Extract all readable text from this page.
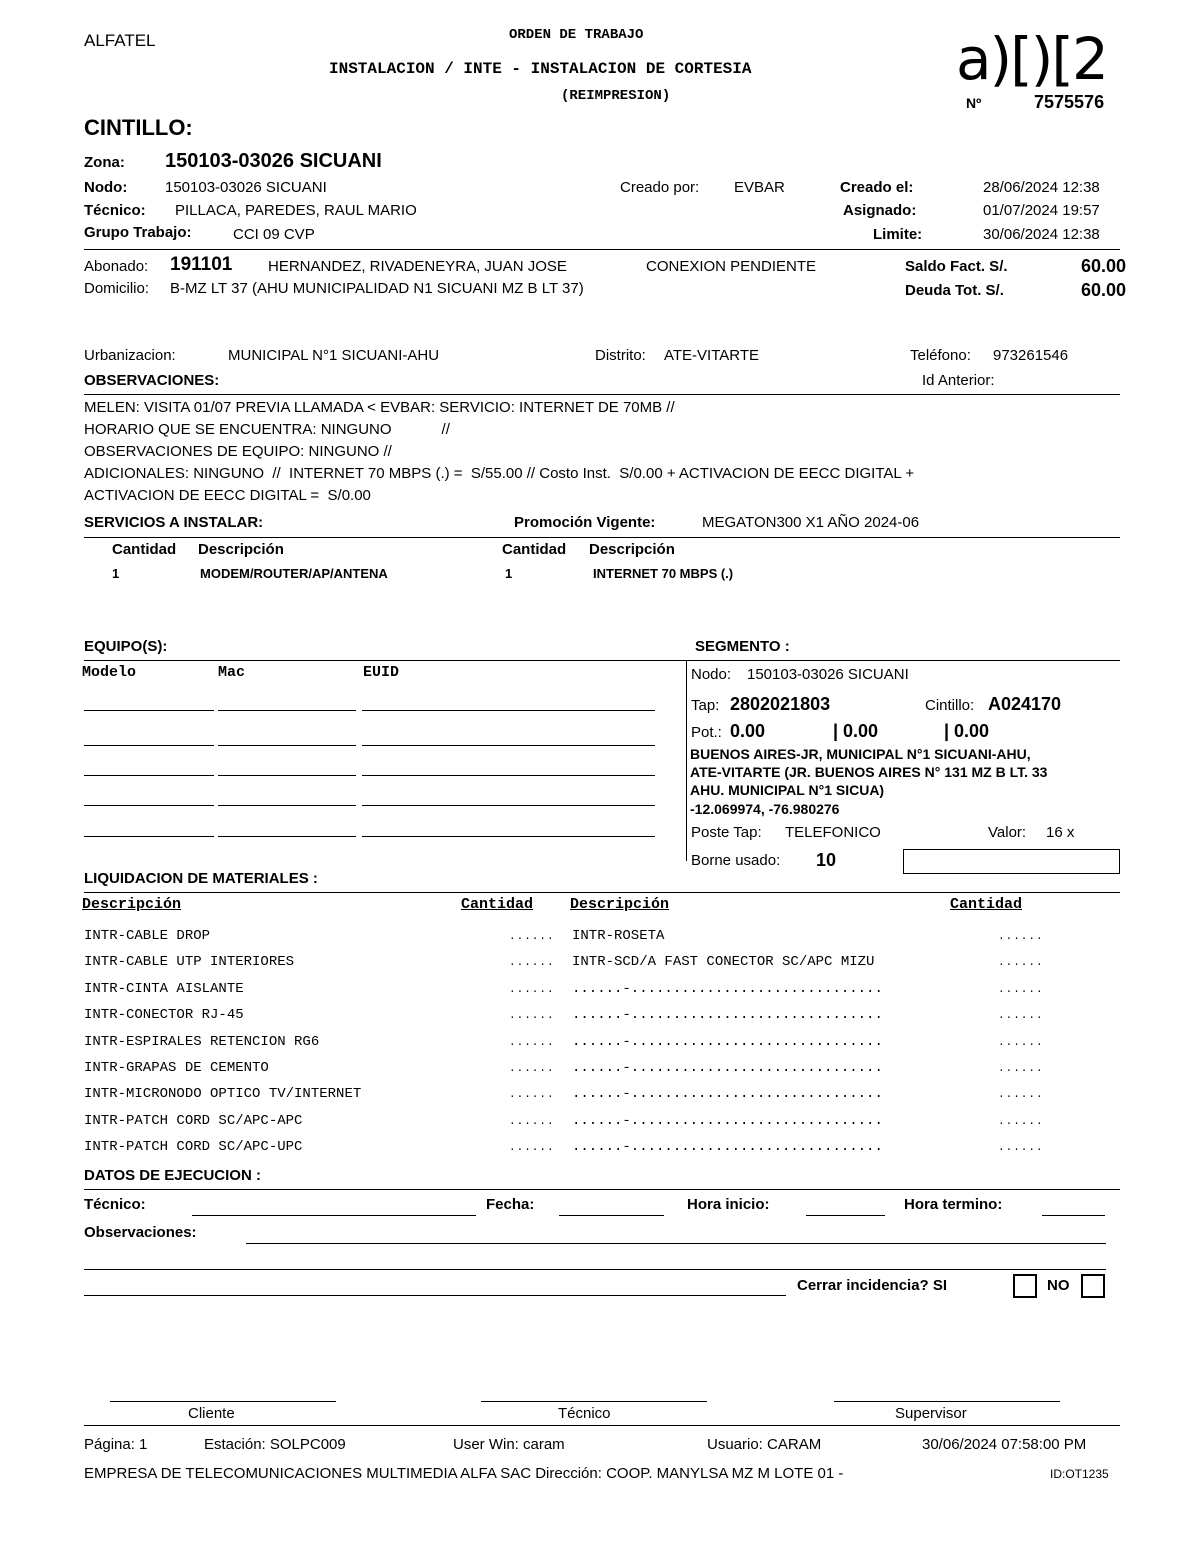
ALFATEL	ORDEN DE TRABAJO
INSTALACION / INTE - INSTALACION DE CORTESIA
(REIMPRESION)
a)[)[2
Nº	7575576
CINTILLO:
Zona: 150103-03026 SICUANI
Nodo:	150103-03026 SICUANI
Técnico: PILLACA, PAREDES, RAUL MARIO
Grupo Trabajo:	CCI 09 CVP
Creado por: EVBAR	Creado el:	28/06/2024 12:38
Asignado:	01/07/2024 19:57
Limite:	30/06/2024 12:38
Abonado: 191101 HERNANDEZ, RIVADENEYRA, JUAN JOSE	CONEXION PENDIENTE
Domicilio: B-MZ LT 37 (AHU MUNICIPALIDAD N1 SICUANI MZ B LT 37)
Saldo Fact. S/.	60.00
Deuda Tot. S/.	60.00
Urbanizacion:	MUNICIPAL N°1 SICUANI-AHU	Distrito: ATE-VITARTE	Teléfono: 973261546
OBSERVACIONES:	Id Anterior:
MELEN: VISITA 01/07 PREVIA LLAMADA < EVBAR: SERVICIO: INTERNET DE 70MB //
HORARIO QUE SE ENCUENTRA: NINGUNO            //
OBSERVACIONES DE EQUIPO: NINGUNO //
ADICIONALES: NINGUNO  //  INTERNET 70 MBPS (.) =  S/55.00 // Costo Inst.  S/0.00 + ACTIVACION DE EECC DIGITAL +
ACTIVACION DE EECC DIGITAL =  S/0.00
SERVICIOS A INSTALAR:	Promoción Vigente:	MEGATON300 X1 AÑO 2024-06
Cantidad Descripción	Cantidad Descripción
1	MODEM/ROUTER/AP/ANTENA	1	INTERNET 70 MBPS (.)
EQUIPO(S):
Modelo	Mac	EUID
SEGMENTO :
Nodo: 150103-03026 SICUANI
Tap: 2802021803	Cintillo: A024170
Pot.: 0.00	| 0.00	| 0.00
BUENOS AIRES-JR, MUNICIPAL N°1 SICUANI-AHU,
ATE-VITARTE (JR. BUENOS AIRES N° 131 MZ B LT. 33
AHU. MUNICIPAL N°1 SICUA)
-12.069974, -76.980276
Poste Tap: TELEFONICO	Valor: 16 x
Borne usado: 10
LIQUIDACION DE MATERIALES :
Descripción	Cantidad Descripción	Cantidad
INTR-CABLE DROP	...... INTR-ROSETA	......
INTR-CABLE UTP INTERIORES	...... INTR-SCD/A FAST CONECTOR SC/APC MIZU	......
INTR-CINTA AISLANTE	...... ......-..............................	......
INTR-CONECTOR RJ-45	...... ......-..............................	......
INTR-ESPIRALES RETENCION RG6	...... ......-..............................	......
INTR-GRAPAS DE CEMENTO	...... ......-..............................	......
INTR-MICRONODO OPTICO TV/INTERNET	...... ......-..............................	......
INTR-PATCH CORD SC/APC-APC	...... ......-..............................	......
INTR-PATCH CORD SC/APC-UPC	...... ......-..............................	......
DATOS DE EJECUCION :
Técnico:	Fecha:	Hora inicio:	Hora termino:
Observaciones:
Cerrar incidencia? SI	NO
Cliente	Técnico	Supervisor
Página: 1	Estación: SOLPC009	User Win: caram	Usuario: CARAM	30/06/2024 07:58:00 PM
EMPRESA DE TELECOMUNICACIONES MULTIMEDIA ALFA SAC Dirección: COOP. MANYLSA MZ M LOTE 01 -	ID:OT1235
